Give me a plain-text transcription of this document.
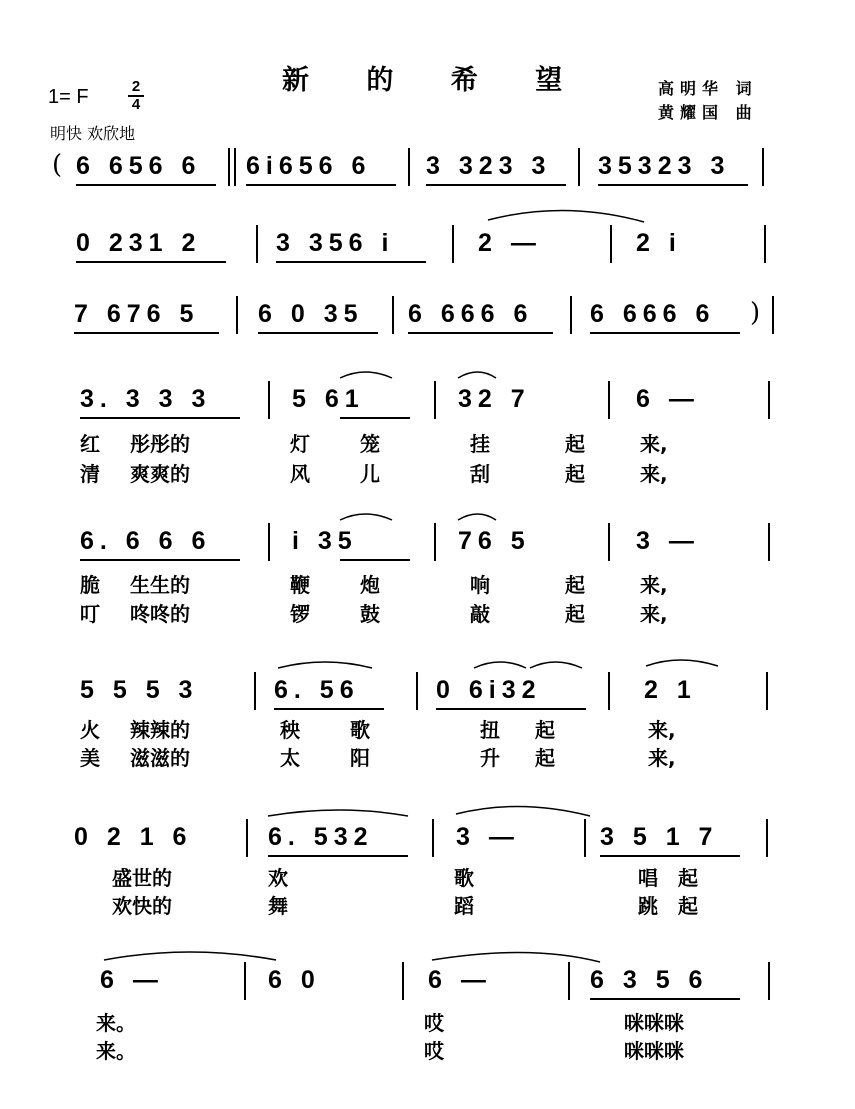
新 的 希 望	高明华 词
黄耀国 曲
1= F	2
4
明快 欢欣地
( 6 656 6 6i656 6 3 323 3 35323 3
0 231 2	3 356 i	2 —	2 i
7 676 5 6 0 35 6 666 6 6 666 6 )
3. 3 3 3	5 61	32 7	6 —
红 彤彤的	灯	笼	挂	起	来,
清 爽爽的	风	儿	刮	起	来,
6. 6 6 6	i 35	76 5	3 —
脆 生生的	鞭	炮	响	起	来,
叮 咚咚的	锣	鼓	敲	起	来,
5 5 5 3	6. 56	0 6i32	2 1
火 辣辣的	秧	歌	扭 起	来,
美 滋滋的	太	阳	升 起	来,
0 2 1 6	6. 532	3 —	3 5 1 7
盛世的	欢	歌	唱 起
欢快的	舞	蹈	跳 起
6 —	6 0	6 —	6 3 5 6
来。	哎	咪咪咪
来。	哎	咪咪咪
